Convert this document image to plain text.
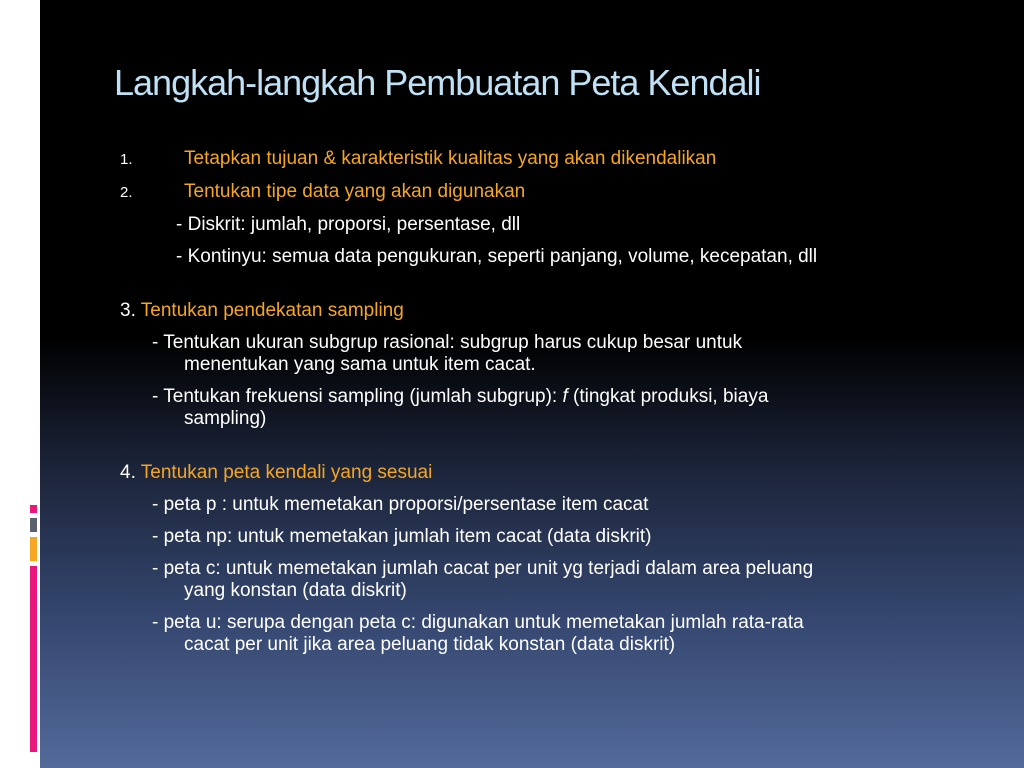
Langkah-langkah Pembuatan Peta Kendali

1.	Tetapkan tujuan & karakteristik kualitas yang akan dikendalikan

2.	Tentukan tipe data yang akan digunakan

- Diskrit: jumlah, proporsi, persentase, dll

- Kontinyu: semua data pengukuran, seperti panjang, volume, kecepatan, dll

3. Tentukan pendekatan sampling

- Tentukan ukuran subgrup rasional: subgrup harus cukup besar untuk
menentukan yang sama untuk item cacat.
- Tentukan frekuensi sampling (jumlah subgrup): f (tingkat produksi, biaya
sampling)

4. Tentukan peta kendali yang sesuai

- peta p : untuk memetakan proporsi/persentase item cacat
- peta np: untuk memetakan jumlah item cacat (data diskrit)
- peta c: untuk memetakan jumlah cacat per unit yg terjadi dalam area peluang
yang konstan (data diskrit)
- peta u: serupa dengan peta c: digunakan untuk memetakan jumlah rata-rata
cacat per unit jika area peluang tidak konstan (data diskrit)
